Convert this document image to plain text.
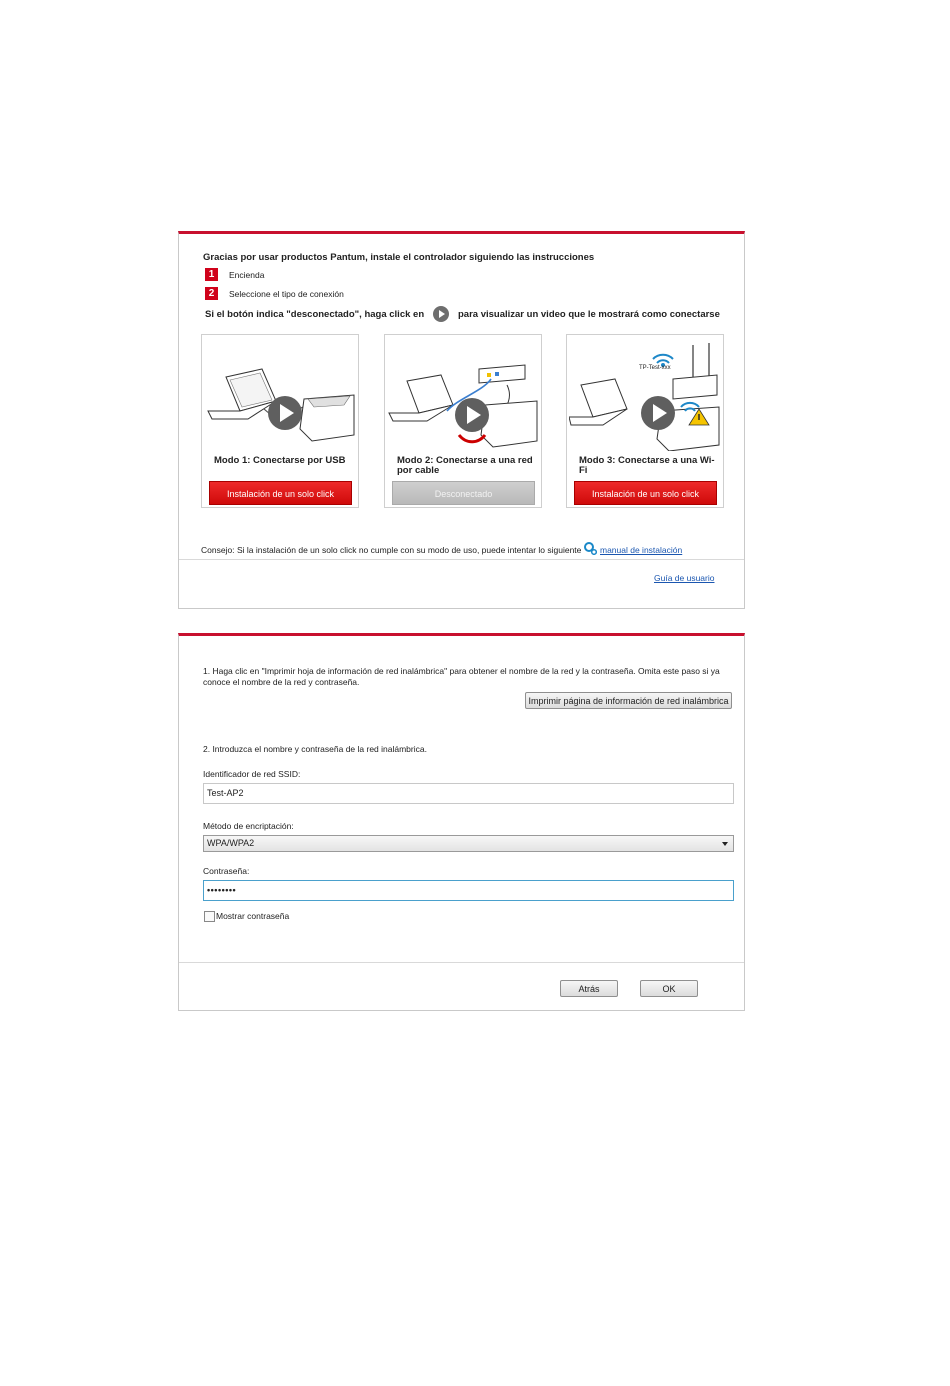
Gracias por usar productos Pantum, instale el controlador siguiendo las instrucciones
1	Encienda
2	Seleccione el tipo de conexión
Si el botón indica "desconectado", haga click en	para visualizar un video que le mostrará como conectarse
Modo 1: Conectarse por USB
Instalación de un solo click
Modo 2: Conectarse a una red por cable
Desconectado
TP-Test-xxx
Modo 3: Conectarse a una Wi-Fi
Instalación de un solo click
Consejo: Si la instalación de un solo click no cumple con su modo de uso, puede intentar lo siguiente manual de instalación
Guía de usuario
1. Haga clic en "Imprimir hoja de información de red inalámbrica" para obtener el nombre de la red y la contraseña. Omita este paso si ya conoce el nombre de la red y contraseña.
Imprimir página de información de red inalámbrica
2. Introduzca el nombre y contraseña de la red inalámbrica.
Identificador de red SSID:
Test-AP2
Método de encriptación:
WPA/WPA2
Contraseña:
••••••••
Mostrar contraseña
Atrás	OK
